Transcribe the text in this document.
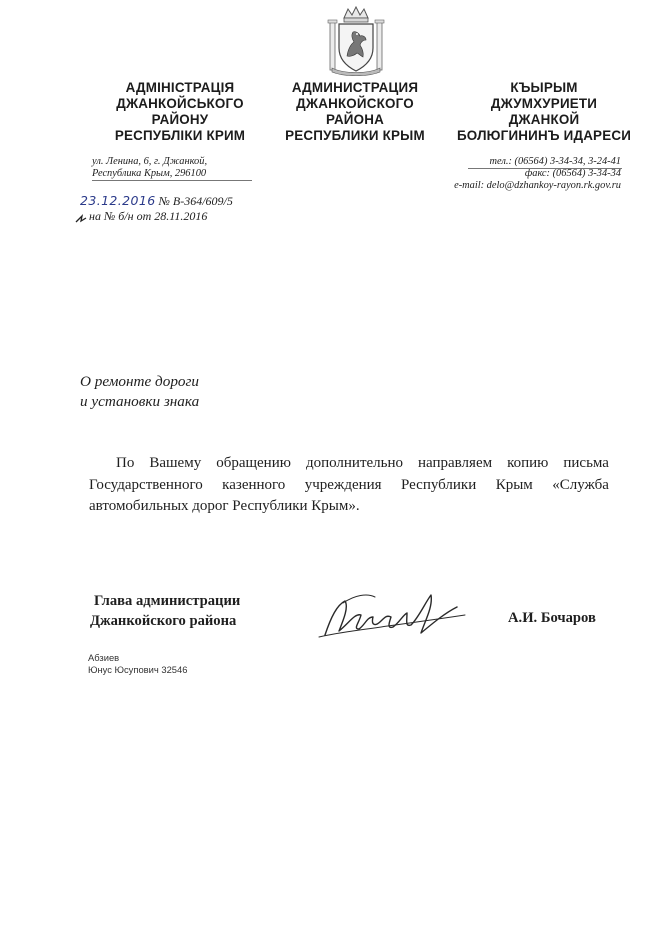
АДМІНІСТРАЦІЯ
ДЖАНКОЙСЬКОГО
РАЙОНУ
РЕСПУБЛІКИ КРИМ
АДМИНИСТРАЦИЯ
ДЖАНКОЙСКОГО
РАЙОНА
РЕСПУБЛИКИ КРЫМ
КЪЫРЫМ
ДЖУМХУРИЕТИ
ДЖАНКОЙ
БОЛЮГИНИНЪ ИДАРЕСИ
ул. Ленина, 6, г. Джанкой,
Республика Крым, 296100
тел.: (06564) 3-34-34, 3-24-41
факс: (06564) 3-34-34
e-mail: delo@dzhankoy-rayon.rk.gov.ru
23.12.2016 № В-364/609/5
на № б/н от 28.11.2016
О ремонте дороги
и установки знака
По Вашему обращению дополнительно направляем копию письма
Государственного казенного учреждения Республики Крым «Служба
автомобильных дорог Республики Крым».
Глава администрации
Джанкойского района	А.И. Бочаров
Абзиев
Юнус Юсупович 32546
